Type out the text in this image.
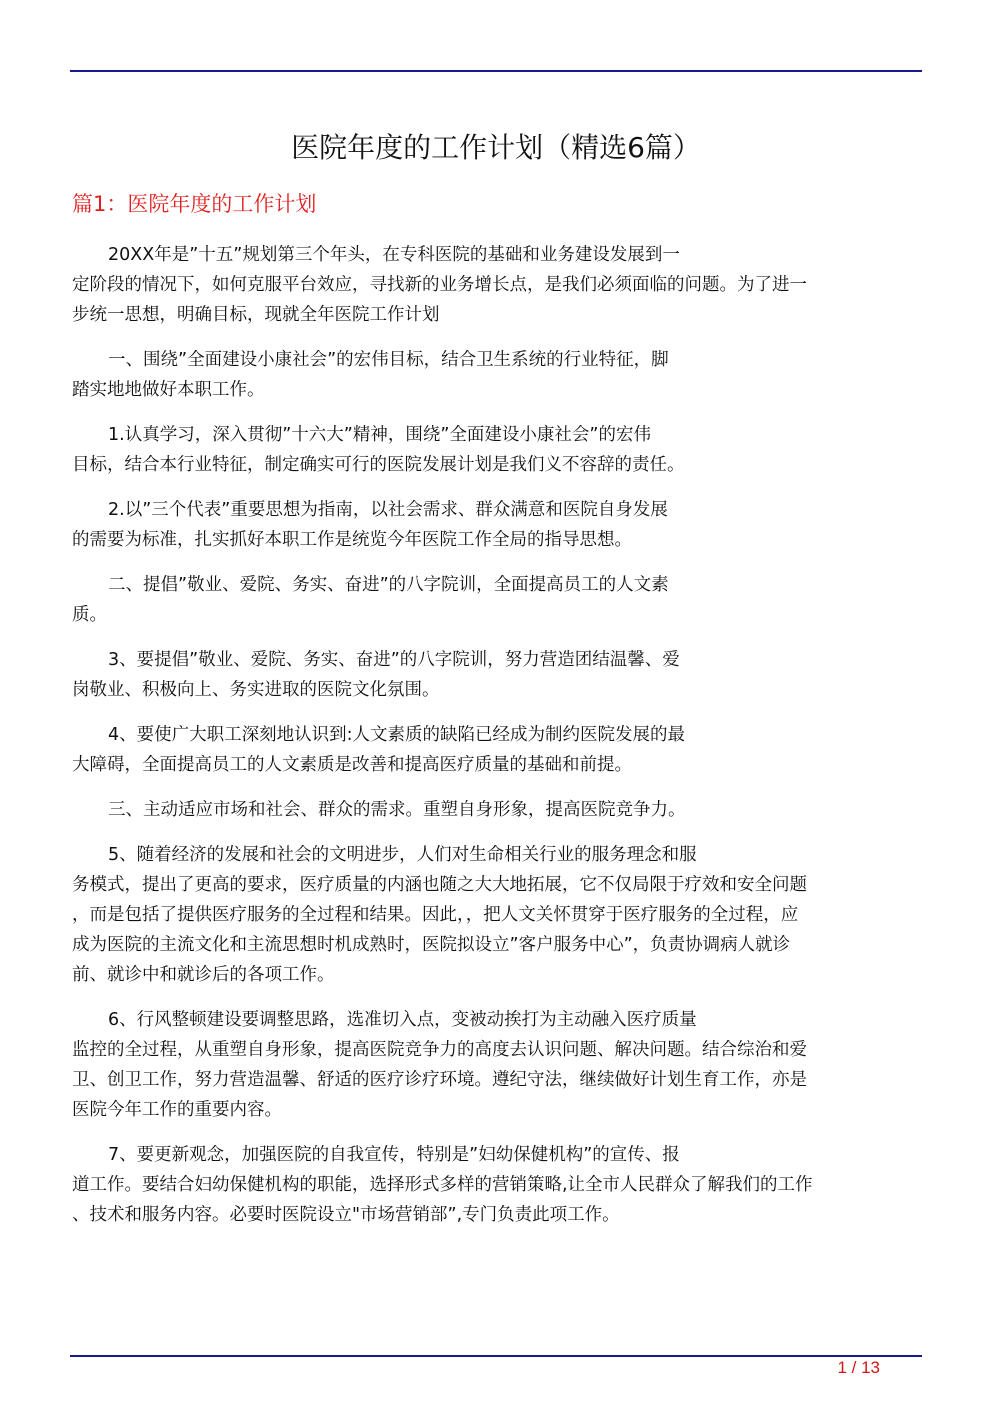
医院年度的工作计划（精选6篇）
篇1：医院年度的工作计划

20XX年是”十五”规划第三个年头，在专科医院的基础和业务建设发展到一
定阶段的情况下，如何克服平台效应，寻找新的业务增长点，是我们必须面临的问题。为了进一
步统一思想，明确目标，现就全年医院工作计划

一、围绕”全面建设小康社会”的宏伟目标，结合卫生系统的行业特征，脚
踏实地地做好本职工作。

1.认真学习，深入贯彻”十六大”精神，围绕”全面建设小康社会”的宏伟
目标，结合本行业特征，制定确实可行的医院发展计划是我们义不容辞的责任。

2.以”三个代表”重要思想为指南，以社会需求、群众满意和医院自身发展
的需要为标准，扎实抓好本职工作是统览今年医院工作全局的指导思想。

二、提倡”敬业、爱院、务实、奋进”的八字院训，全面提高员工的人文素
质。

3、要提倡”敬业、爱院、务实、奋进”的八字院训，努力营造团结温馨、爱
岗敬业、积极向上、务实进取的医院文化氛围。

4、要使广大职工深刻地认识到:人文素质的缺陷已经成为制约医院发展的最
大障碍，全面提高员工的人文素质是改善和提高医疗质量的基础和前提。

三、主动适应市场和社会、群众的需求。重塑自身形象，提高医院竞争力。

5、随着经济的发展和社会的文明进步，人们对生命相关行业的服务理念和服
务模式，提出了更高的要求，医疗质量的内涵也随之大大地拓展，它不仅局限于疗效和安全问题
，而是包括了提供医疗服务的全过程和结果。因此，，把人文关怀贯穿于医疗服务的全过程，应
成为医院的主流文化和主流思想时机成熟时，医院拟设立”客户服务中心”，负责协调病人就诊
前、就诊中和就诊后的各项工作。

6、行风整顿建设要调整思路，选准切入点，变被动挨打为主动融入医疗质量
监控的全过程，从重塑自身形象，提高医院竞争力的高度去认识问题、解决问题。结合综治和爱
卫、创卫工作，努力营造温馨、舒适的医疗诊疗环境。遵纪守法，继续做好计划生育工作，亦是
医院今年工作的重要内容。

7、要更新观念，加强医院的自我宣传，特别是”妇幼保健机构”的宣传、报
道工作。要结合妇幼保健机构的职能，选择形式多样的营销策略,让全市人民群众了解我们的工作
、技术和服务内容。必要时医院设立"市场营销部”,专门负责此项工作。

1 / 13
